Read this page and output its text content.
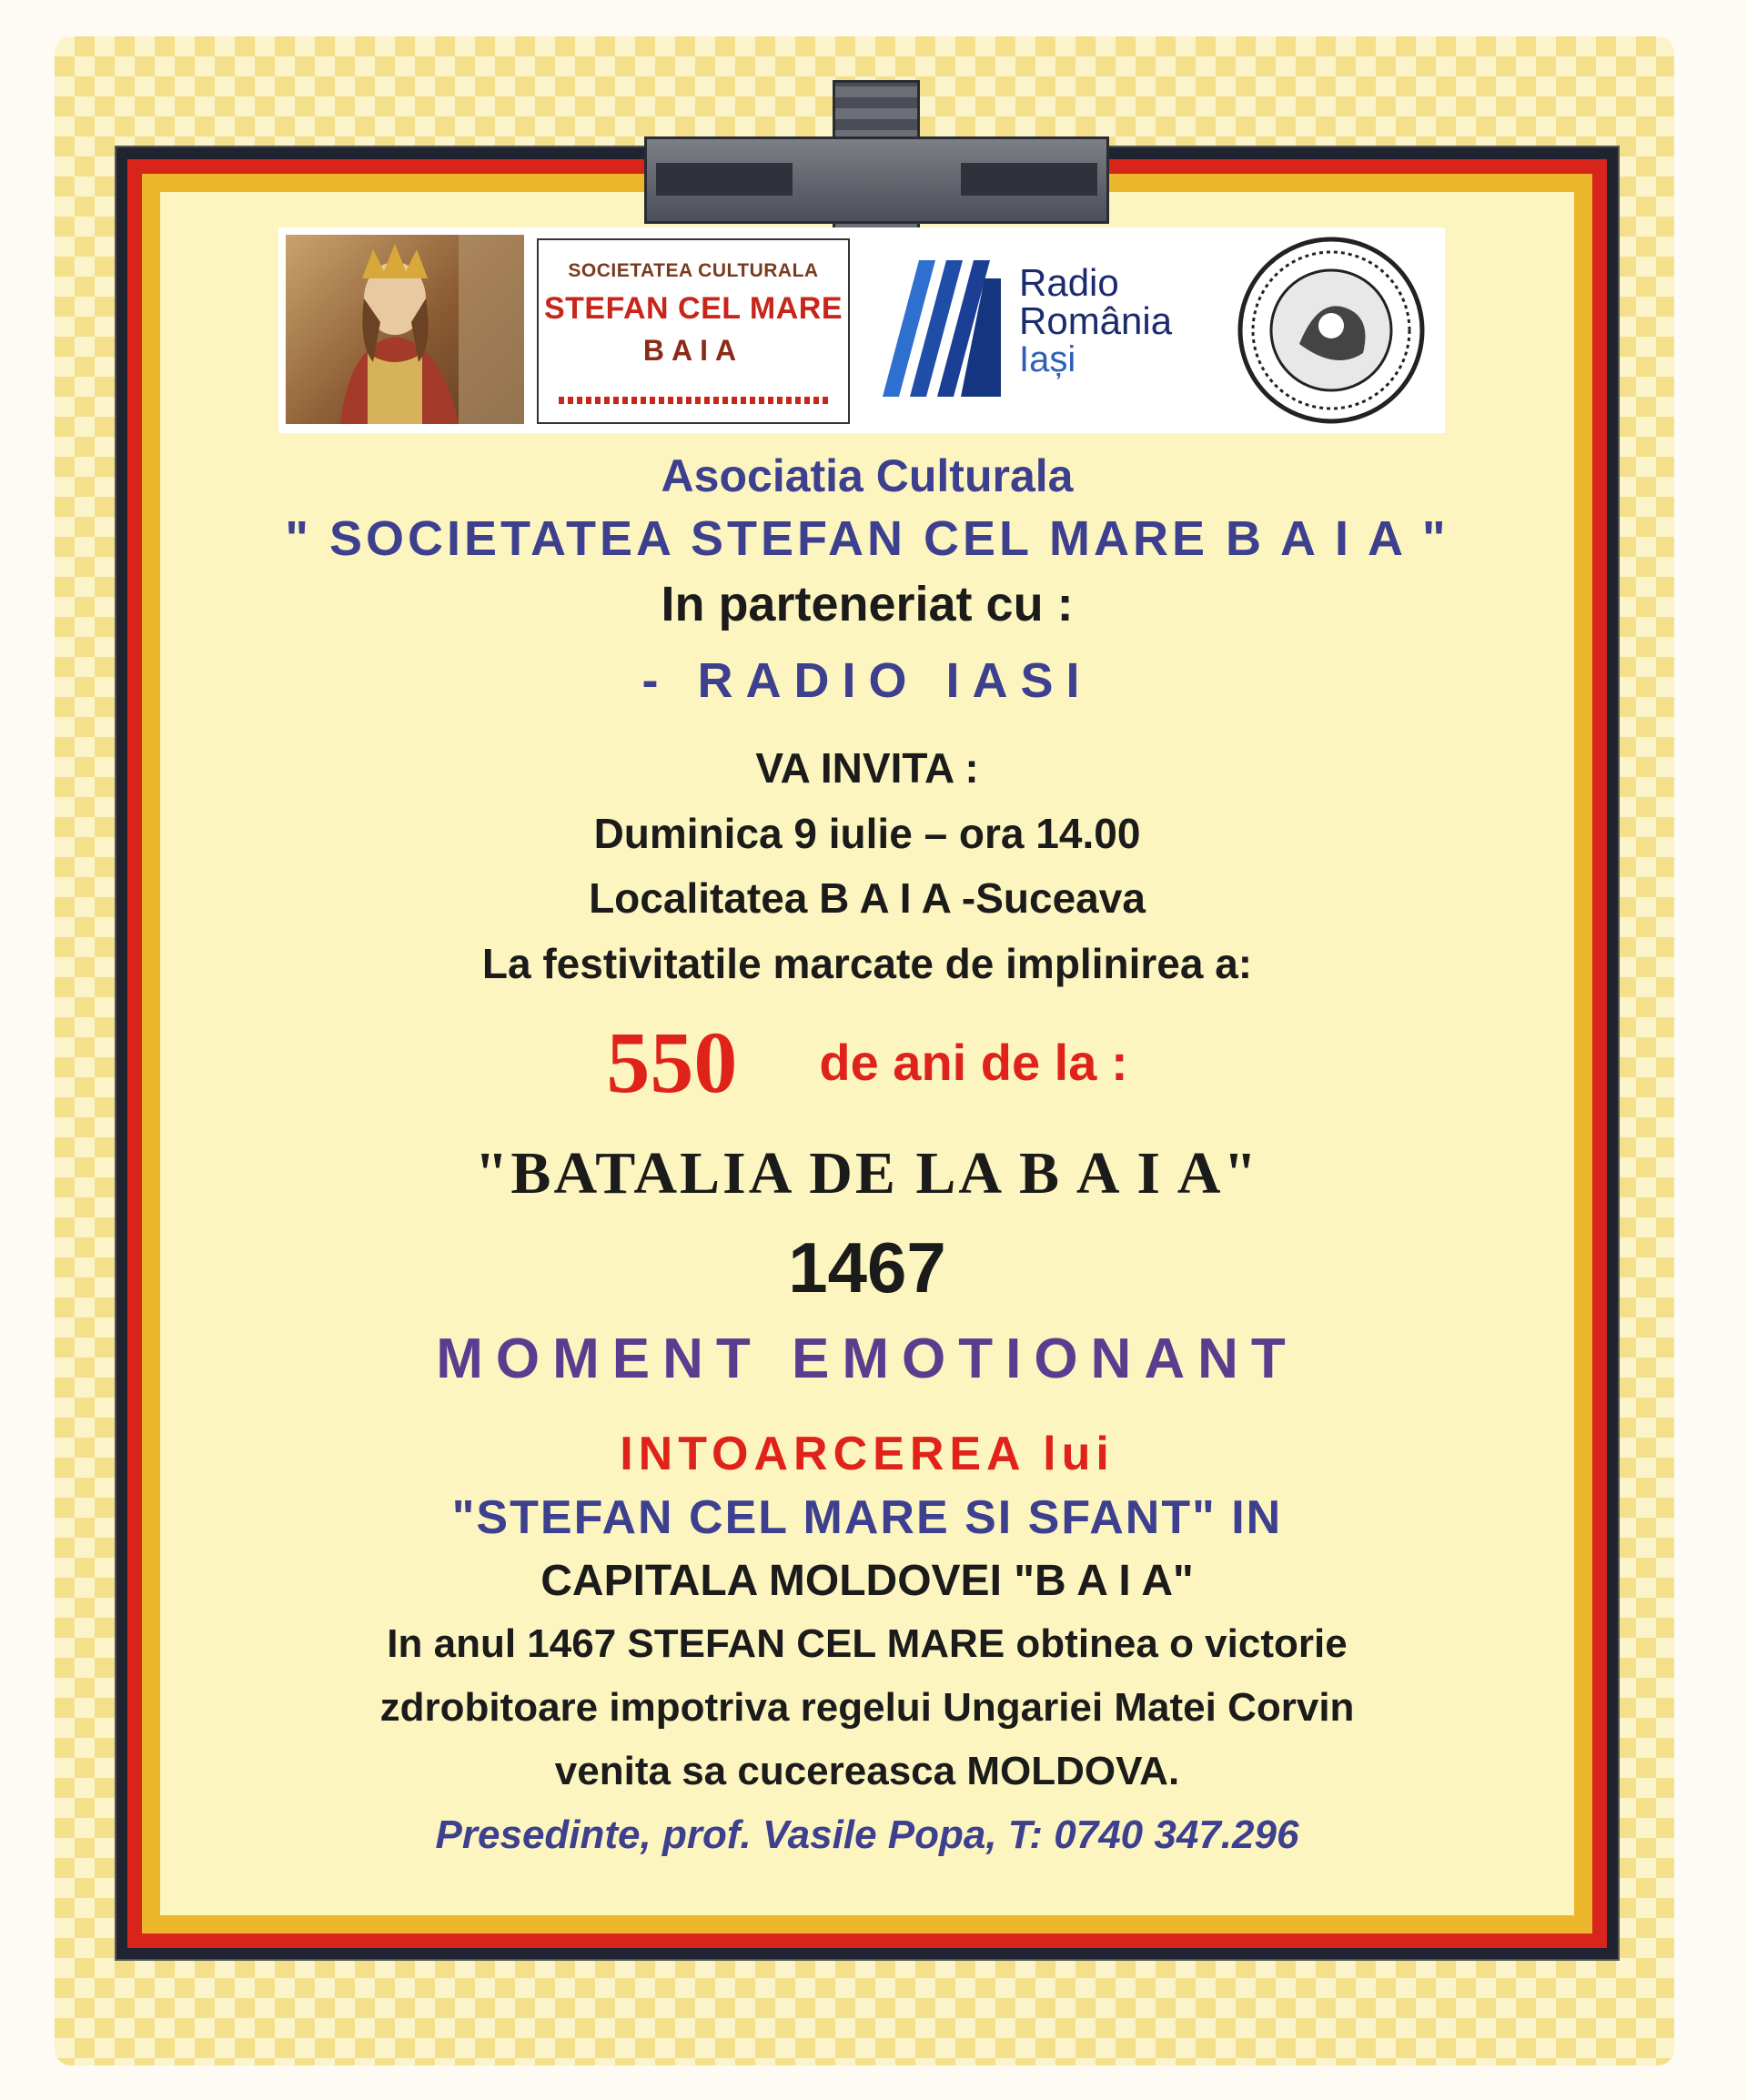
SOCIETATEA CULTURALA
STEFAN CEL MARE
BAIA
Radio
România
Iași
Asociatia Culturala
" SOCIETATEA STEFAN CEL MARE B A I A "
In parteneriat cu :
- RADIO IASI
VA INVITA :
Duminica 9 iulie – ora 14.00
Localitatea B A I A -Suceava
La festivitatile marcate de implinirea a:
550 de ani de la :
"BATALIA DE LA B A I A"
1467
MOMENT EMOTIONANT
INTOARCEREA lui
"STEFAN CEL MARE SI SFANT" IN
CAPITALA MOLDOVEI "B A I A"
In anul 1467 STEFAN CEL MARE obtinea o victorie
zdrobitoare impotriva regelui Ungariei Matei Corvin
venita sa cucereasca MOLDOVA.
Presedinte, prof. Vasile Popa, T: 0740 347.296
